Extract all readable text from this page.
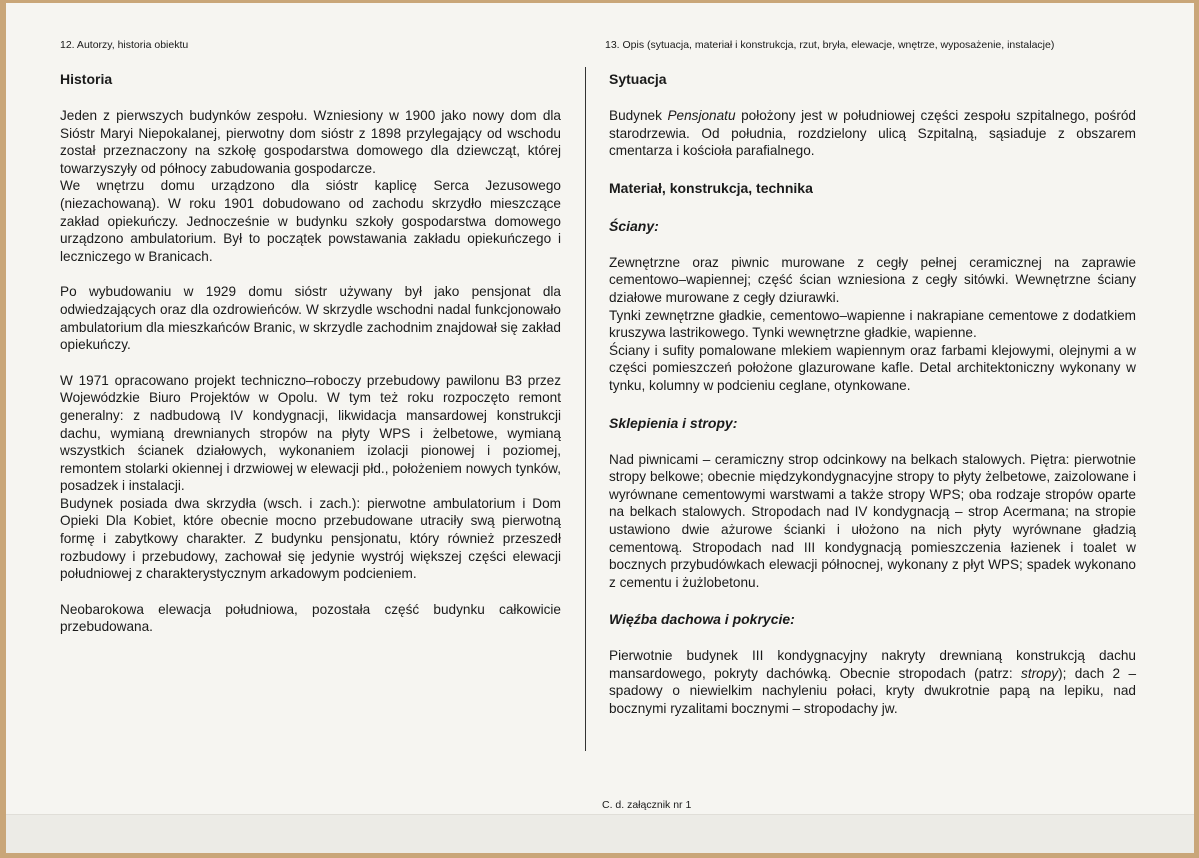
12. Autorzy, historia obiektu	13. Opis (sytuacja, materiał i konstrukcja, rzut, bryła, elewacje, wnętrze, wyposażenie, instalacje)
Historia

Jeden z pierwszych budynków zespołu. Wzniesiony w 1900 jako nowy dom dla Sióstr Maryi Niepokalanej, pierwotny dom sióstr z 1898 przylegający od wschodu został przeznaczony na szkołę gospodarstwa domowego dla dziewcząt, której towarzyszyły od północy zabudowania gospodarcze.

We wnętrzu domu urządzono dla sióstr kaplicę Serca Jezusowego (niezachowaną). W roku 1901 dobudowano od zachodu skrzydło mieszczące zakład opiekuńczy. Jednocześnie w budynku szkoły gospodarstwa domowego urządzono ambulatorium. Był to początek powstawania zakładu opiekuńczego i leczniczego w Branicach.

Po wybudowaniu w 1929 domu sióstr używany był jako pensjonat dla odwiedzających oraz dla ozdrowieńców. W skrzydle wschodni nadal funkcjonowało ambulatorium dla mieszkańców Branic, w skrzydle zachodnim znajdował się zakład opiekuńczy.

W 1971 opracowano projekt techniczno–roboczy przebudowy pawilonu B3 przez Wojewódzkie Biuro Projektów w Opolu. W tym też roku rozpoczęto remont generalny: z nadbudową IV kondygnacji, likwidacja mansardowej konstrukcji dachu, wymianą drewnianych stropów na płyty WPS i żelbetowe, wymianą wszystkich ścianek działowych, wykonaniem izolacji pionowej i poziomej, remontem stolarki okiennej i drzwiowej w elewacji płd., położeniem nowych tynków, posadzek i instalacji.

Budynek posiada dwa skrzydła (wsch. i zach.): pierwotne ambulatorium i Dom Opieki Dla Kobiet, które obecnie mocno przebudowane utraciły swą pierwotną formę i zabytkowy charakter. Z budynku pensjonatu, który również przeszedł rozbudowy i przebudowy, zachował się jedynie wystrój większej części elewacji południowej z charakterystycznym arkadowym podcieniem.

Neobarokowa elewacja południowa, pozostała część budynku całkowicie przebudowana.

Sytuacja

Budynek Pensjonatu położony jest w południowej części zespołu szpitalnego, pośród starodrzewia. Od południa, rozdzielony ulicą Szpitalną, sąsiaduje z obszarem cmentarza i kościoła parafialnego.

Materiał, konstrukcja, technika
Ściany:

Zewnętrzne oraz piwnic murowane z cegły pełnej ceramicznej na zaprawie cementowo–wapiennej; część ścian wzniesiona z cegły sitówki. Wewnętrzne ściany działowe murowane z cegły dziurawki.

Tynki zewnętrzne gładkie, cementowo–wapienne i nakrapiane cementowe z dodatkiem kruszywa lastrikowego. Tynki wewnętrzne gładkie, wapienne.

Ściany i sufity pomalowane mlekiem wapiennym oraz farbami klejowymi, olejnymi a w części pomieszczeń położone glazurowane kafle. Detal architektoniczny wykonany w tynku, kolumny w podcieniu ceglane, otynkowane.

Sklepienia i stropy:

Nad piwnicami – ceramiczny strop odcinkowy na belkach stalowych. Piętra: pierwotnie stropy belkowe; obecnie międzykondygnacyjne stropy to płyty żelbetowe, zaizolowane i wyrównane cementowymi warstwami a także stropy WPS; oba rodzaje stropów oparte na belkach stalowych. Stropodach nad IV kondygnacją – strop Acermana; na stropie ustawiono dwie ażurowe ścianki i ułożono na nich płyty wyrównane gładzią cementową. Stropodach nad III kondygnacją pomieszczenia łazienek i toalet w bocznych przybudówkach elewacji północnej, wykonany z płyt WPS; spadek wykonano z cementu i żużlobetonu.

Więźba dachowa i pokrycie:

Pierwotnie budynek III kondygnacyjny nakryty drewnianą konstrukcją dachu mansardowego, pokryty dachówką. Obecnie stropodach (patrz: stropy); dach 2 – spadowy o niewielkim nachyleniu połaci, kryty dwukrotnie papą na lepiku, nad bocznymi ryzalitami bocznymi – stropodachy jw.

C. d. załącznik nr 1
